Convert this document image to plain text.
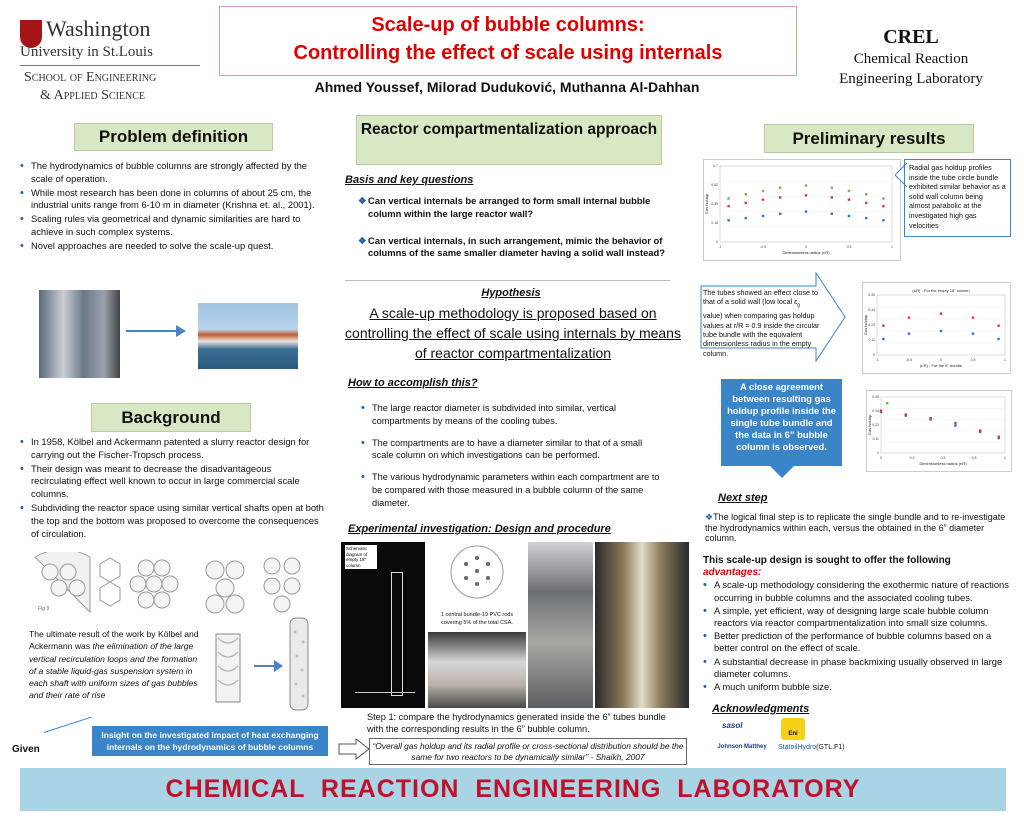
Washington
University in St.Louis
School of Engineering
& Applied Science
Scale-up of bubble columns:
Controlling the effect of scale using internals
Ahmed Youssef, Milorad Duduković, Muthanna Al-Dahhan
CREL
Chemical Reaction
Engineering Laboratory
Problem definition
• The hydrodynamics of bubble columns are strongly affected by the scale of operation.
• While most research has been done in columns of about 25 cm, the industrial units range from 6-10 m in diameter (Krishna et. al., 2001).
• Scaling rules via geometrical and dynamic similarities are hard to achieve in such complex systems.
• Novel approaches are needed to solve the scale-up quest.
Background
• In 1958, Kölbel and Ackermann patented a slurry reactor design for carrying out the Fischer-Tropsch process.
• Their design was meant to decrease the disadvantageous recirculating effect well known to occur in large commercial scale columns.
• Subdividing the reactor space using similar vertical shafts open at both the top and the bottom was proposed to overcome the consequences of circulation.
Fig 9
The ultimate result of the work by Kölbel and Ackermann was the elimination of the large vertical recirculation loops and the formation of a stable liquid-gas suspension system in each shaft with uniform sizes of gas bubbles and their rate of rise
Given
Insight on the investigated impact of heat exchanging internals on the hydrodynamics of bubble columns
Reactor compartmentalization approach
Basis and key questions
❖ Can vertical internals be arranged to form small internal bubble column within the large reactor wall?
❖ Can vertical internals, in such arrangement, mimic the behavior of columns of the same smaller diameter having a solid wall instead?
Hypothesis
A scale-up methodology is proposed based on controlling the effect of scale using internals by means of reactor compartmentalization
How to accomplish this?
• The large reactor diameter is subdivided into similar, vertical compartments by means of the cooling tubes.
• The compartments are to have a diameter similar to that of a small scale column on which investigations can be performed.
• The various hydrodynamic parameters within each compartment are to be compared with those measured in a bubble column of the same diameter.
Experimental investigation: Design and procedure
Schematic diagram of empty 18" column
1 central bundle-19 PVC rods covering 5% of the total CSA.
Step 1: compare the hydrodynamics generated inside the 6” tubes bundle with the corresponding results in the 6” bubble column.
“Overall gas holdup and its radial profile or cross-sectional distribution should be the same for two reactors to be dynamically similar” - Shaikh, 2007
Preliminary results
-1	-0.5	0	0.5	1
0
0.18
0.35
0.52
0.7
Dimensionless radius (r/R)
Gas holdup
Radial gas holdup profiles inside the tube circle bundle exhibited similar behavior as a solid wall column being almost parabolic at the investigated high gas velocities
The tubes showed an effect close to that of a solid wall (low local $\varepsilon_g$ value) when comparing gas holdup values at r/R = 0.9 inside the circular tube bundle with the equivalent dimensionless radius in the empty column.
-1	-0.5	0	0.5	1
0
0.11
0.23
0.34
0.45
(r/R) - For the 6" bundle
Gas holdup
(r/R) - For the empty 18" column
A close agreement between resulting gas holdup profile inside the single tube bundle and the data in 6” bubble column is observed.
0	0.3	0.5	0.8	1
0
0.11
0.23
0.34
0.45
Dimensionless radius (r/R)
Gas holdup
Next step
❖The logical final step is to replicate the single bundle and to re-investigate the hydrodynamics within each, versus the obtained in the 6” diameter column.
This scale-up design is sought to offer the following
advantages:
• A scale-up methodology considering the exothermic nature of reactions occurring in bubble columns and the associated cooling tubes.
• A simple, yet efficient, way of designing large scale bubble column reactors via reactor compartmentalization into small size columns.
• Better prediction of the performance of bubble columns based on a better control on the effect of scale.
• A substantial decrease in phase backmixing usually observed in large diameter columns.
• A much uniform bubble size.
Acknowledgments
sasol
Eni
Johnson Matthey StatoilHydro(GTL.F1)
CHEMICAL  REACTION  ENGINEERING  LABORATORY
